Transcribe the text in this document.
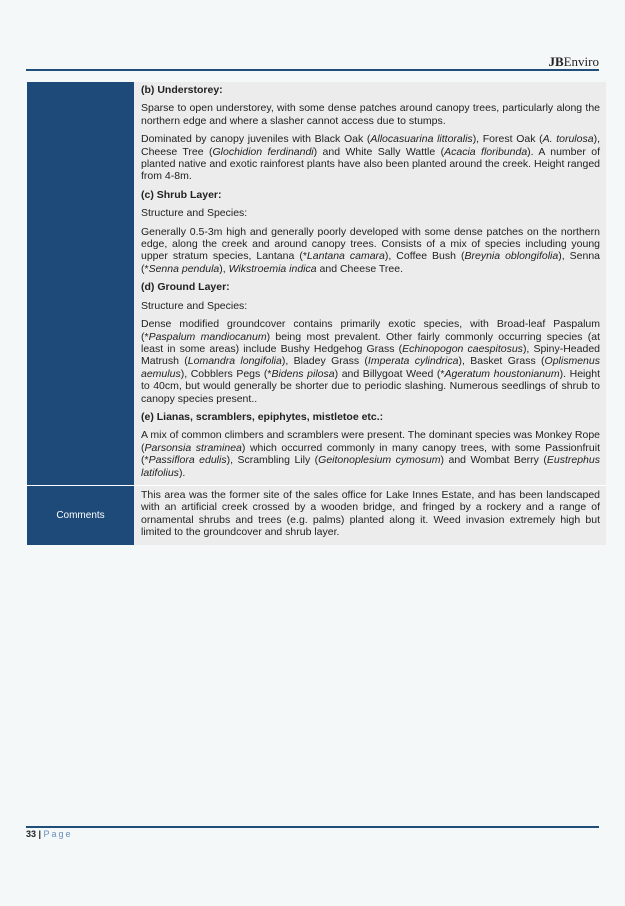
JBEnviro

(b) Understorey:

Sparse to open understorey, with some dense patches around canopy trees, particularly along the northern edge and where a slasher cannot access due to stumps.

Dominated by canopy juveniles with Black Oak (Allocasuarina littoralis), Forest Oak (A. torulosa), Cheese Tree (Glochidion ferdinandi) and White Sally Wattle (Acacia floribunda). A number of planted native and exotic rainforest plants have also been planted around the creek. Height ranged from 4-8m.

(c) Shrub Layer:

Structure and Species:

Generally 0.5-3m high and generally poorly developed with some dense patches on the northern edge, along the creek and around canopy trees. Consists of a mix of species including young upper stratum species, Lantana (*Lantana camara), Coffee Bush (Breynia oblongifolia), Senna (*Senna pendula), Wikstroemia indica and Cheese Tree.

(d) Ground Layer:

Structure and Species:

Dense modified groundcover contains primarily exotic species, with Broad-leaf Paspalum (*Paspalum mandiocanum) being most prevalent. Other fairly commonly occurring species (at least in some areas) include Bushy Hedgehog Grass (Echinopogon caespitosus), Spiny-Headed Matrush (Lomandra longifolia), Bladey Grass (Imperata cylindrica), Basket Grass (Oplismenus aemulus), Cobblers Pegs (*Bidens pilosa) and Billygoat Weed (*Ageratum houstonianum). Height to 40cm, but would generally be shorter due to periodic slashing. Numerous seedlings of shrub to canopy species present..

(e) Lianas, scramblers, epiphytes, mistletoe etc.:

A mix of common climbers and scramblers were present. The dominant species was Monkey Rope (Parsonsia straminea) which occurred commonly in many canopy trees, with some Passionfruit (*Passiflora edulis), Scrambling Lily (Geitonoplesium cymosum) and Wombat Berry (Eustrephus latifolius).

Comments

This area was the former site of the sales office for Lake Innes Estate, and has been landscaped with an artificial creek crossed by a wooden bridge, and fringed by a rockery and a range of ornamental shrubs and trees (e.g. palms) planted along it. Weed invasion extremely high but limited to the groundcover and shrub layer.

33 | Page
